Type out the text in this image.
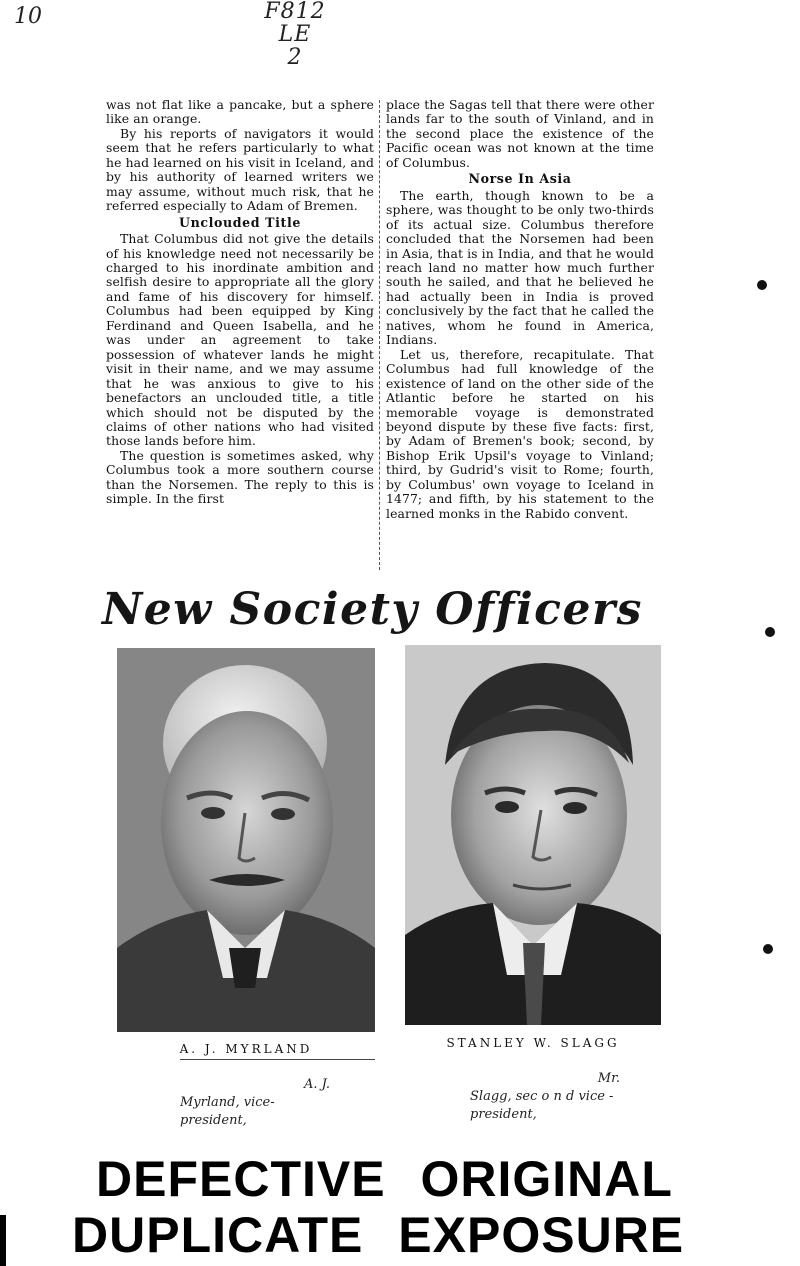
10	F812
LE
2

was not flat like a pancake, but a sphere like an orange.

By his reports of navigators it would seem that he refers particularly to what he had learned on his visit in Iceland, and by his authority of learned writers we may assume, without much risk, that he referred especially to Adam of Bremen.

Unclouded Title

That Columbus did not give the details of his knowledge need not necessarily be charged to his inordinate ambition and selfish desire to appropriate all the glory and fame of his discovery for himself. Columbus had been equipped by King Ferdinand and Queen Isabella, and he was under an agreement to take possession of whatever lands he might visit in their name, and we may assume that he was anxious to give to his benefactors an unclouded title, a title which should not be disputed by the claims of other nations who had visited those lands before him.

The question is sometimes asked, why Columbus took a more southern course than the Norsemen. The reply to this is simple. In the first

place the Sagas tell that there were other lands far to the south of Vinland, and in the second place the existence of the Pacific ocean was not known at the time of Columbus.

Norse In Asia

The earth, though known to be a sphere, was thought to be only two-thirds of its actual size. Columbus therefore concluded that the Norsemen had been in Asia, that is in India, and that he would reach land no matter how much further south he sailed, and that he believed he had actually been in India is proved conclusively by the fact that he called the natives, whom he found in America, Indians.

Let us, therefore, recapitulate. That Columbus had full knowledge of the existence of land on the other side of the Atlantic before he started on his memorable voyage is demonstrated beyond dispute by these five facts: first, by Adam of Bremen's book; second, by Bishop Erik Upsil's voyage to Vinland; third, by Gudrid's visit to Rome; fourth, by Columbus' own voyage to Iceland in 1477; and fifth, by his statement to the learned monks in the Rabido convent.

New Society Officers
A. J. MYRLAND	STANLEY W. SLAGG
A. J.
Myrland, vice- president,
Mr.
Slagg, sec o n d vice - president,
DEFECTIVE ORIGINAL
DUPLICATE EXPOSURE
